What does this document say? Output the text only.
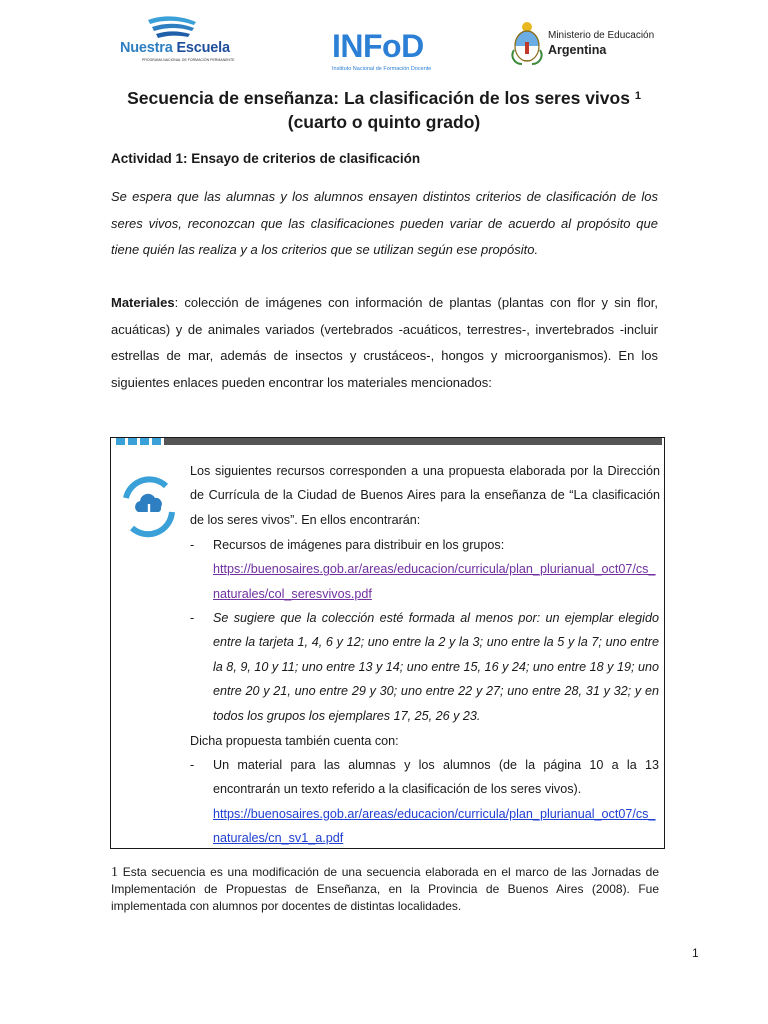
Nuestra Escuela
PROGRAMA NACIONAL DE FORMACIÓN PERMANENTE	INFoD
Instituto Nacional de Formación Docente
Ministerio de Educación
Argentina
Secuencia de enseñanza: La clasificación de los seres vivos $^1$
(cuarto o quinto grado)
Actividad 1: Ensayo de criterios de clasificación
Se espera que las alumnas y los alumnos ensayen distintos criterios de clasificación de los seres vivos, reconozcan que las clasificaciones pueden variar de acuerdo al propósito que tiene quién las realiza y a los criterios que se utilizan según ese propósito.
Materiales: colección de imágenes con información de plantas (plantas con flor y sin flor, acuáticas) y de animales variados (vertebrados -acuáticos, terrestres-, invertebrados -incluir estrellas de mar, además de insectos y crustáceos-, hongos y microorganismos). En los siguientes enlaces pueden encontrar los materiales mencionados:
Los siguientes recursos corresponden a una propuesta elaborada por la Dirección de Currícula de la Ciudad de Buenos Aires para la enseñanza de “La clasificación de los seres vivos”. En ellos encontrarán:
- Recursos de imágenes para distribuir en los grupos:
https://buenosaires.gob.ar/areas/educacion/curricula/plan_plurianual_oct07/cs_naturales/col_seresvivos.pdf
- Se sugiere que la colección esté formada al menos por: un ejemplar elegido entre la tarjeta 1, 4, 6 y 12; uno entre la 2 y la 3; uno entre la 5 y la 7; uno entre la 8, 9, 10 y 11; uno entre 13 y 14; uno entre 15, 16 y 24; uno entre 18 y 19; uno entre 20 y 21, uno entre 29 y 30; uno entre 22 y 27; uno entre 28, 31 y 32; y en todos los grupos los ejemplares 17, 25, 26 y 23.
Dicha propuesta también cuenta con:
- Un material para las alumnas y los alumnos (de la página 10 a la 13 encontrarán un texto referido a la clasificación de los seres vivos).
https://buenosaires.gob.ar/areas/educacion/curricula/plan_plurianual_oct07/cs_naturales/cn_sv1_a.pdf
1 Esta secuencia es una modificación de una secuencia elaborada en el marco de las Jornadas de Implementación de Propuestas de Enseñanza, en la Provincia de Buenos Aires (2008). Fue implementada con alumnos por docentes de distintas localidades.
1
